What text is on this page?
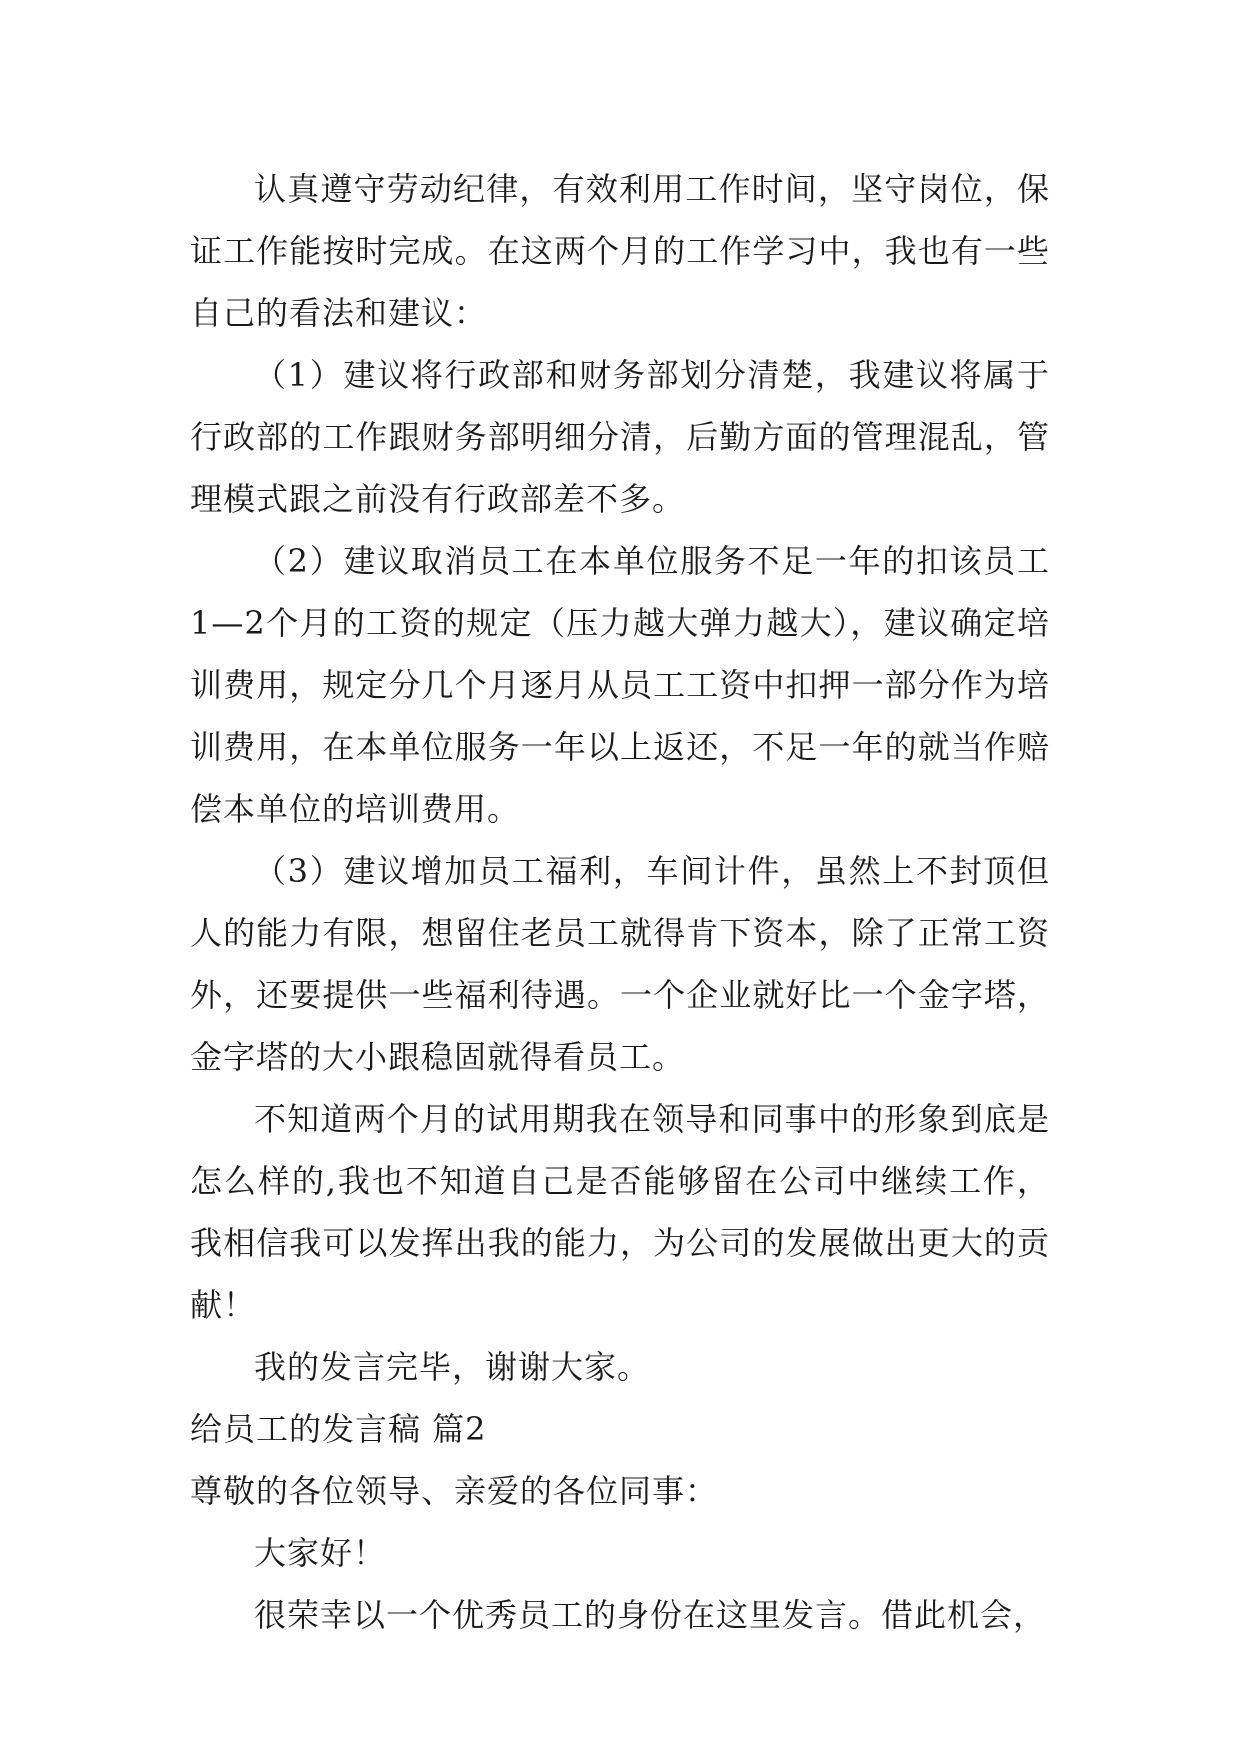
认真遵守劳动纪律，有效利用工作时间，坚守岗位，保证工作能按时完成。在这两个月的工作学习中，我也有一些自己的看法和建议：

（1）建议将行政部和财务部划分清楚，我建议将属于行政部的工作跟财务部明细分清，后勤方面的管理混乱，管理模式跟之前没有行政部差不多。

（2）建议取消员工在本单位服务不足一年的扣该员工1—2个月的工资的规定（压力越大弹力越大），建议确定培训费用，规定分几个月逐月从员工工资中扣押一部分作为培训费用，在本单位服务一年以上返还，不足一年的就当作赔偿本单位的培训费用。

（3）建议增加员工福利，车间计件，虽然上不封顶但人的能力有限，想留住老员工就得肯下资本，除了正常工资外，还要提供一些福利待遇。一个企业就好比一个金字塔，金字塔的大小跟稳固就得看员工。

不知道两个月的试用期我在领导和同事中的形象到底是怎么样的,我也不知道自己是否能够留在公司中继续工作，我相信我可以发挥出我的能力，为公司的发展做出更大的贡献！

我的发言完毕，谢谢大家。

给员工的发言稿 篇2

尊敬的各位领导、亲爱的各位同事：

大家好！

很荣幸以一个优秀员工的身份在这里发言。借此机会，
